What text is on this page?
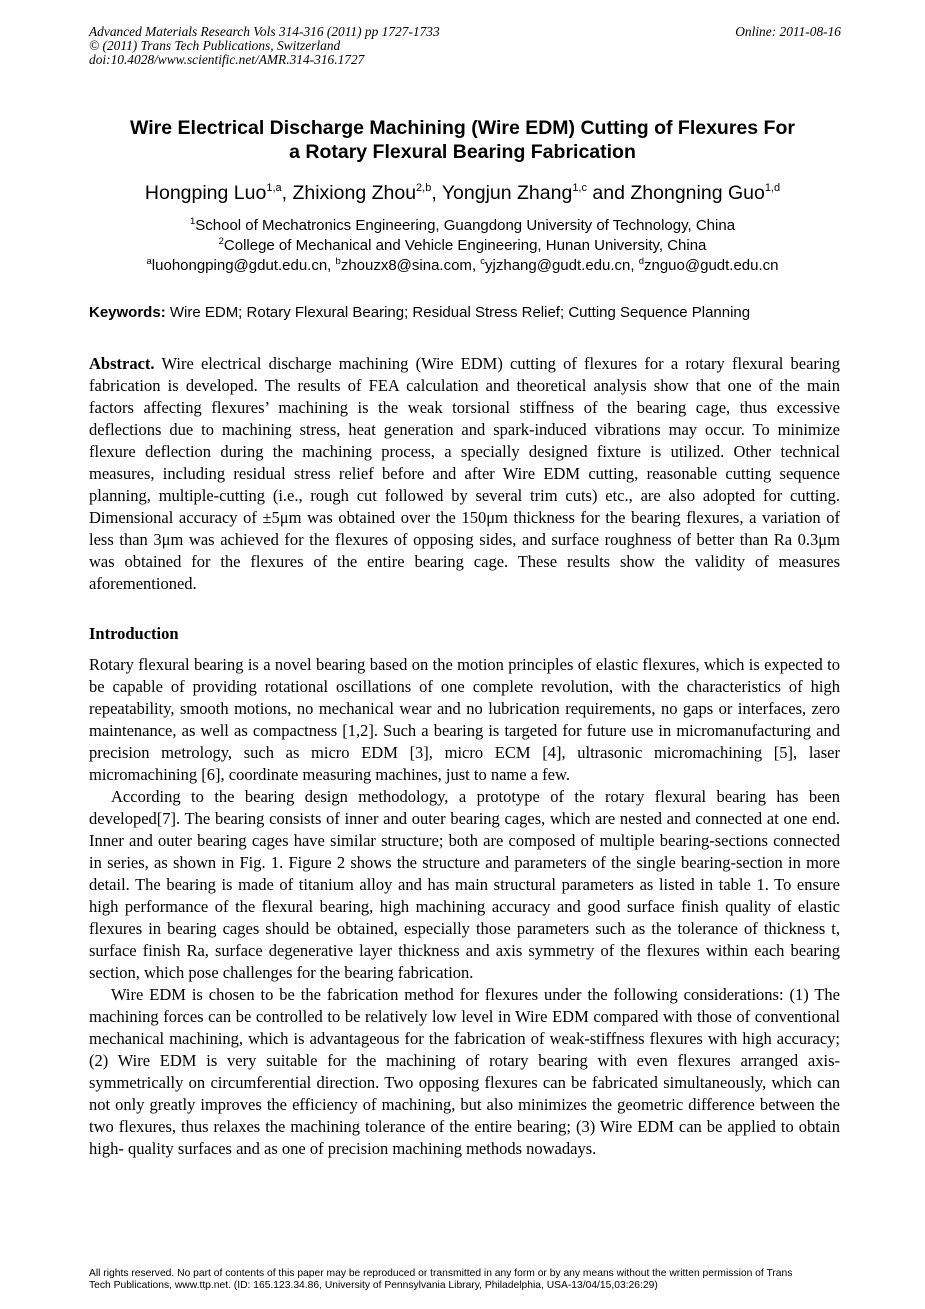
Advanced Materials Research Vols 314-316 (2011) pp 1727-1733	Online: 2011-08-16
© (2011) Trans Tech Publications, Switzerland
doi:10.4028/www.scientific.net/AMR.314-316.1727
Wire Electrical Discharge Machining (Wire EDM) Cutting of Flexures For
a Rotary Flexural Bearing Fabrication
Hongping Luo$^{1,a}$, Zhixiong Zhou$^{2,b}$, Yongjun Zhang$^{1,c}$ and Zhongning Guo$^{1,d}$
$^1$School of Mechatronics Engineering, Guangdong University of Technology, China
$^2$College of Mechanical and Vehicle Engineering, Hunan University, China
$^a$luohongping@gdut.edu.cn, $^b$zhouzx8@sina.com, $^c$yjzhang@gudt.edu.cn, $^d$znguo@gudt.edu.cn
Keywords: Wire EDM; Rotary Flexural Bearing; Residual Stress Relief; Cutting Sequence Planning

Abstract. Wire electrical discharge machining (Wire EDM) cutting of flexures for a rotary flexural bearing fabrication is developed. The results of FEA calculation and theoretical analysis show that one of the main factors affecting flexures’ machining is the weak torsional stiffness of the bearing cage, thus excessive deflections due to machining stress, heat generation and spark-induced vibrations may occur. To minimize flexure deflection during the machining process, a specially designed fixture is utilized. Other technical measures, including residual stress relief before and after Wire EDM cutting, reasonable cutting sequence planning, multiple-cutting (i.e., rough cut followed by several trim cuts) etc., are also adopted for cutting. Dimensional accuracy of ±5μm was obtained over the 150μm thickness for the bearing flexures, a variation of less than 3μm was achieved for the flexures of opposing sides, and surface roughness of better than Ra 0.3μm was obtained for the flexures of the entire bearing cage. These results show the validity of measures aforementioned.

Introduction

Rotary flexural bearing is a novel bearing based on the motion principles of elastic flexures, which is expected to be capable of providing rotational oscillations of one complete revolution, with the characteristics of high repeatability, smooth motions, no mechanical wear and no lubrication requirements, no gaps or interfaces, zero maintenance, as well as compactness [1,2]. Such a bearing is targeted for future use in micromanufacturing and precision metrology, such as micro EDM [3], micro ECM [4], ultrasonic micromachining [5], laser micromachining [6], coordinate measuring machines, just to name a few.

According to the bearing design methodology, a prototype of the rotary flexural bearing has been developed[7]. The bearing consists of inner and outer bearing cages, which are nested and connected at one end. Inner and outer bearing cages have similar structure; both are composed of multiple bearing-sections connected in series, as shown in Fig. 1. Figure 2 shows the structure and parameters of the single bearing-section in more detail. The bearing is made of titanium alloy and has main structural parameters as listed in table 1. To ensure high performance of the flexural bearing, high machining accuracy and good surface finish quality of elastic flexures in bearing cages should be obtained, especially those parameters such as the tolerance of thickness t, surface finish Ra, surface degenerative layer thickness and axis symmetry of the flexures within each bearing section, which pose challenges for the bearing fabrication.

Wire EDM is chosen to be the fabrication method for flexures under the following considerations: (1) The machining forces can be controlled to be relatively low level in Wire EDM compared with those of conventional mechanical machining, which is advantageous for the fabrication of weak-stiffness flexures with high accuracy; (2) Wire EDM is very suitable for the machining of rotary bearing with even flexures arranged axis-symmetrically on circumferential direction. Two opposing flexures can be fabricated simultaneously, which can not only greatly improves the efficiency of machining, but also minimizes the geometric difference between the two flexures, thus relaxes the machining tolerance of the entire bearing; (3) Wire EDM can be applied to obtain high- quality surfaces and as one of precision machining methods nowadays.

All rights reserved. No part of contents of this paper may be reproduced or transmitted in any form or by any means without the written permission of Trans
Tech Publications, www.ttp.net. (ID: 165.123.34.86, University of Pennsylvania Library, Philadelphia, USA-13/04/15,03:26:29)
